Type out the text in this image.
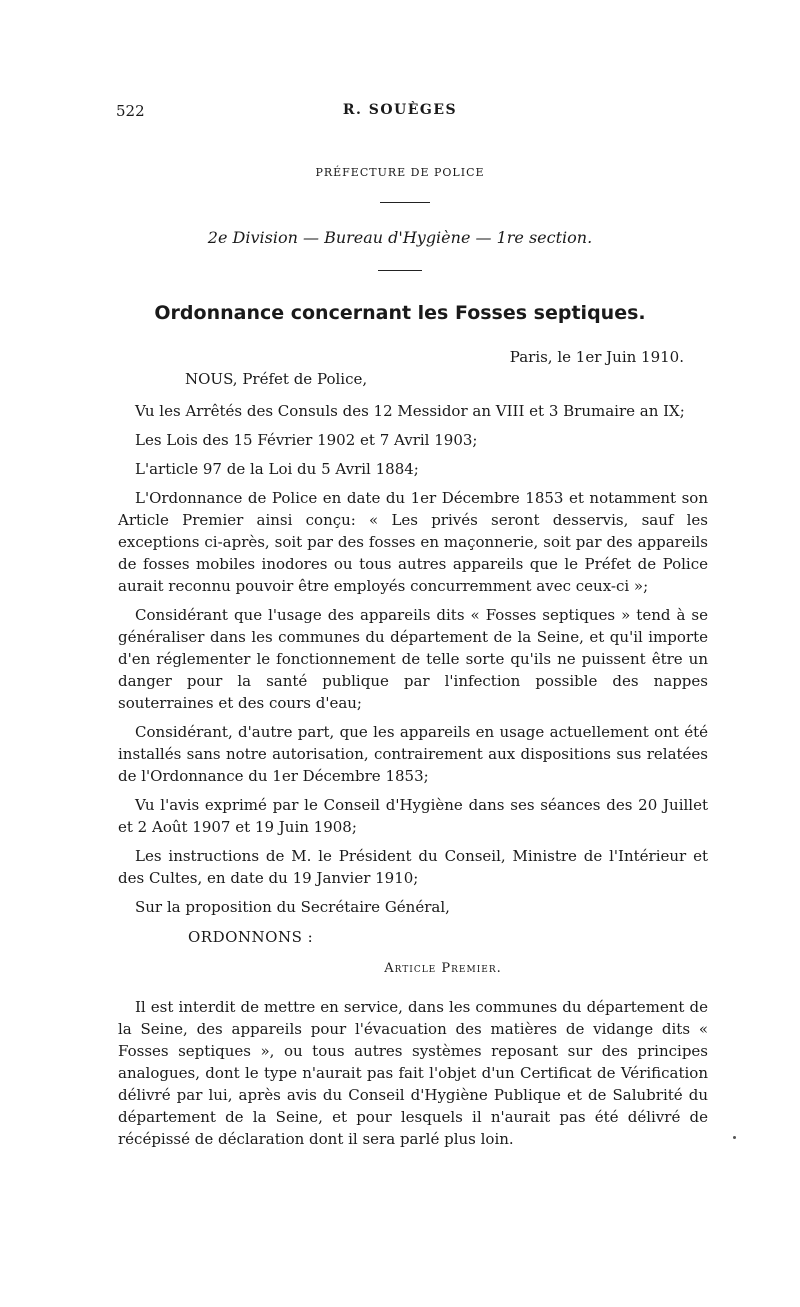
522	R. SOUÈGES
PRÉFECTURE DE POLICE
2e Division — Bureau d'Hygiène — 1re section.
Ordonnance concernant les Fosses septiques.
Paris, le 1er Juin 1910.
NOUS, Préfet de Police,

Vu les Arrêtés des Consuls des 12 Messidor an VIII et 3 Brumaire an IX;

Les Lois des 15 Février 1902 et 7 Avril 1903;

L'article 97 de la Loi du 5 Avril 1884;

L'Ordonnance de Police en date du 1er Décembre 1853 et notamment son Article Premier ainsi conçu: « Les privés seront desservis, sauf les exceptions ci-après, soit par des fosses en maçonnerie, soit par des appareils de fosses mobiles inodores ou tous autres appareils que le Préfet de Police aurait reconnu pouvoir être employés concurremment avec ceux-ci »;

Considérant que l'usage des appareils dits « Fosses septiques » tend à se généraliser dans les communes du département de la Seine, et qu'il importe d'en réglementer le fonctionnement de telle sorte qu'ils ne puissent être un danger pour la santé publique par l'infection possible des nappes souterraines et des cours d'eau;

Considérant, d'autre part, que les appareils en usage actuellement ont été installés sans notre autorisation, contrairement aux dispositions sus relatées de l'Ordonnance du 1er Décembre 1853;

Vu l'avis exprimé par le Conseil d'Hygiène dans ses séances des 20 Juillet et 2 Août 1907 et 19 Juin 1908;

Les instructions de M. le Président du Conseil, Ministre de l'Intérieur et des Cultes, en date du 19 Janvier 1910;

Sur la proposition du Secrétaire Général,

ORDONNONS :

Article Premier.

Il est interdit de mettre en service, dans les communes du département de la Seine, des appareils pour l'évacuation des matières de vidange dits « Fosses septiques », ou tous autres systèmes reposant sur des principes analogues, dont le type n'aurait pas fait l'objet d'un Certificat de Vérification délivré par lui, après avis du Conseil d'Hygiène Publique et de Salubrité du département de la Seine, et pour lesquels il n'aurait pas été délivré de récépissé de déclaration dont il sera parlé plus loin.
